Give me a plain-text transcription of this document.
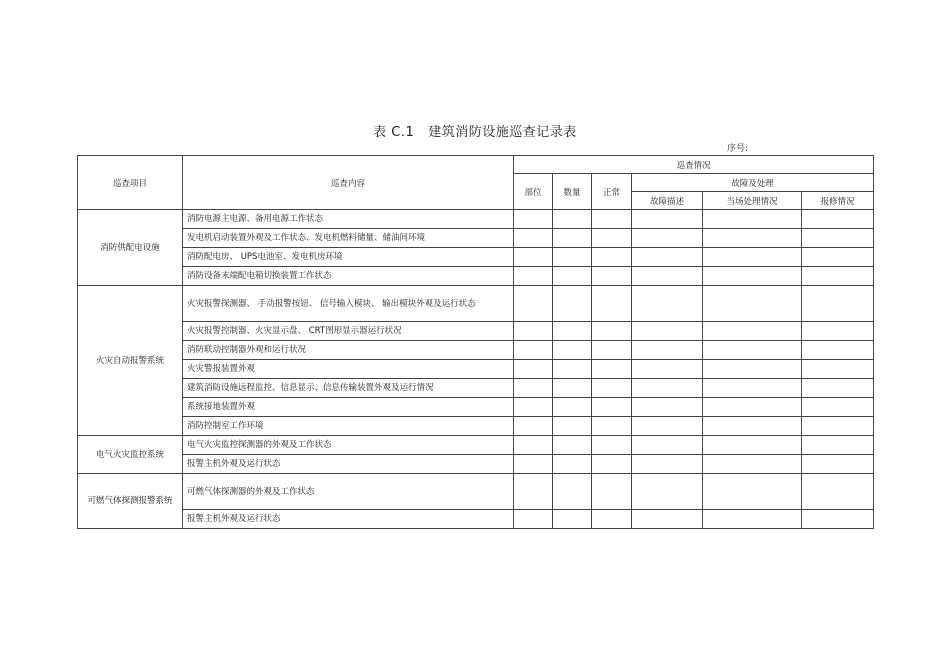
表 C.1 建筑消防设施巡查记录表
序号:
巡查项目	巡查内容	巡查情况					
		部位	数量	正常	故障及处理		
					故障描述	当场处理情况	报修情况
消防供配电设施	消防电源主电源、备用电源工作状态						
	发电机启动装置外观及工作状态、发电机燃料储量、储油间环境						
	消防配电房、 UPS电池室、发电机房环境						
	消防设备末端配电箱切换装置工作状态						
火灾自动报警系统	火灾报警探测器、 手动报警按钮、 信号输入模块、 输出模块外观及运行状态						
	火灾报警控制器、火灾显示盘、 CRT图形显示器运行状况						
	消防联动控制器外观和运行状况						
	火灾警报装置外观						
	建筑消防设施远程监控、信息显示、信息传输装置外观及运行情况						
	系统接地装置外观						
	消防控制室工作环境						
电气火灾监控系统	电气火灾监控探测器的外观及工作状态						
	报警主机外观及运行状态						
可燃气体探测报警系统	可燃气体探测器的外观及工作状态						
	报警主机外观及运行状态						
